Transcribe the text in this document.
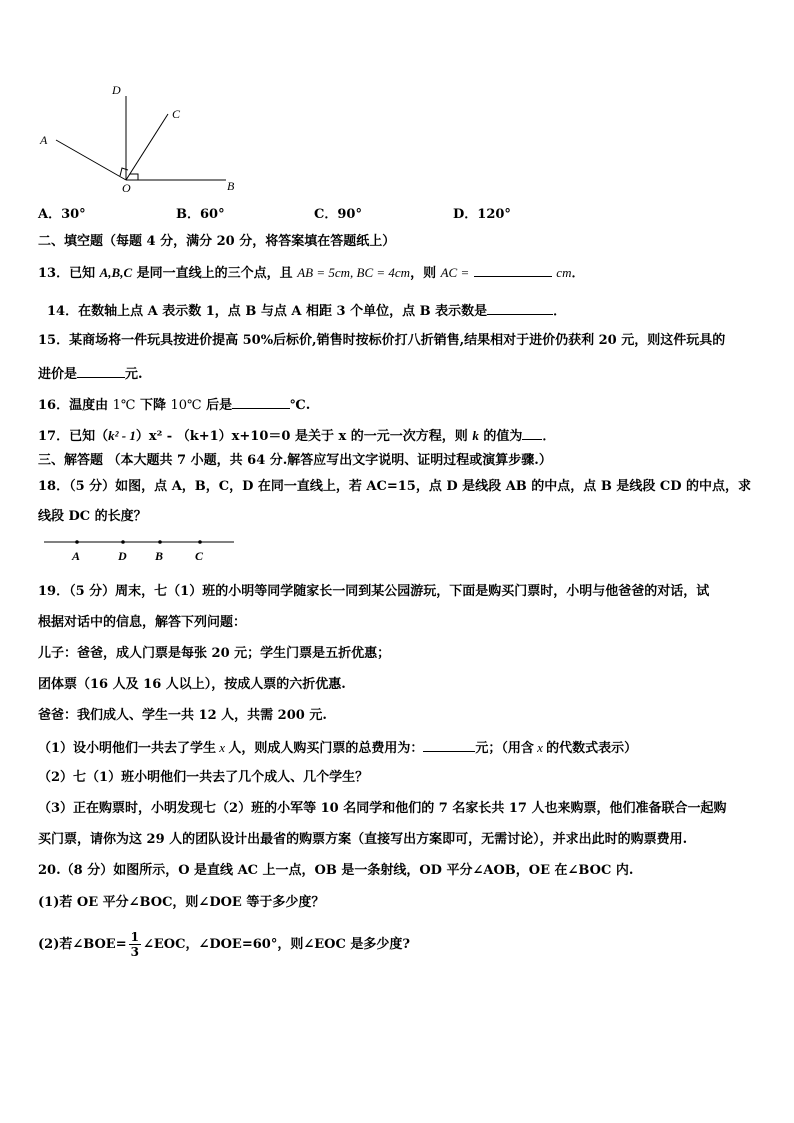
D
C
A
O	B
A．30°	B．60°	C．90°	D．120°
二、填空题（每题 4 分，满分 20 分，将答案填在答题纸上）
13．已知 A,B,C 是同一直线上的三个点，且 AB = 5cm, BC = 4cm，则 AC =	cm．
14．在数轴上点 A 表示数 1，点 B 与点 A 相距 3 个单位，点 B 表示数是	．
15．某商场将一件玩具按进价提高 50%后标价,销售时按标价打八折销售,结果相对于进价仍获利 20 元，则这件玩具的
进价是	元.
16．温度由 1℃ 下降 10℃ 后是	℃.
17．已知（k² - 1）x² - （k+1）x+10＝0 是关于 x 的一元一次方程，则 k 的值为 ．
三、解答题 （本大题共 7 小题，共 64 分.解答应写出文字说明、证明过程或演算步骤.）
18．（5 分）如图，点 A，B，C，D 在同一直线上，若 AC=15，点 D 是线段 AB 的中点，点 B 是线段 CD 的中点，求
线段 DC 的长度？
A	D B	C
19．（5 分）周末，七（1）班的小明等同学随家长一同到某公园游玩，下面是购买门票时，小明与他爸爸的对话，试
根据对话中的信息，解答下列问题：
儿子：爸爸，成人门票是每张 20 元；学生门票是五折优惠；
团体票（16 人及 16 人以上），按成人票的六折优惠.
爸爸：我们成人、学生一共 12 人，共需 200 元.
（1）设小明他们一共去了学生 x 人，则成人购买门票的总费用为：	元；（用含 x 的代数式表示）
（2）七（1）班小明他们一共去了几个成人、几个学生？
（3）正在购票时，小明发现七（2）班的小军等 10 名同学和他们的 7 名家长共 17 人也来购票，他们准备联合一起购
买门票，请你为这 29 人的团队设计出最省的购票方案（直接写出方案即可，无需讨论），并求出此时的购票费用.
20.（8 分）如图所示，O 是直线 AC 上一点，OB 是一条射线，OD 平分∠AOB，OE 在∠BOC 内.
(1)若 OE 平分∠BOC，则∠DOE 等于多少度？
(2)若∠BOE= $\frac{1}{3}$ ∠EOC，∠DOE=60°，则∠EOC 是多少度?
